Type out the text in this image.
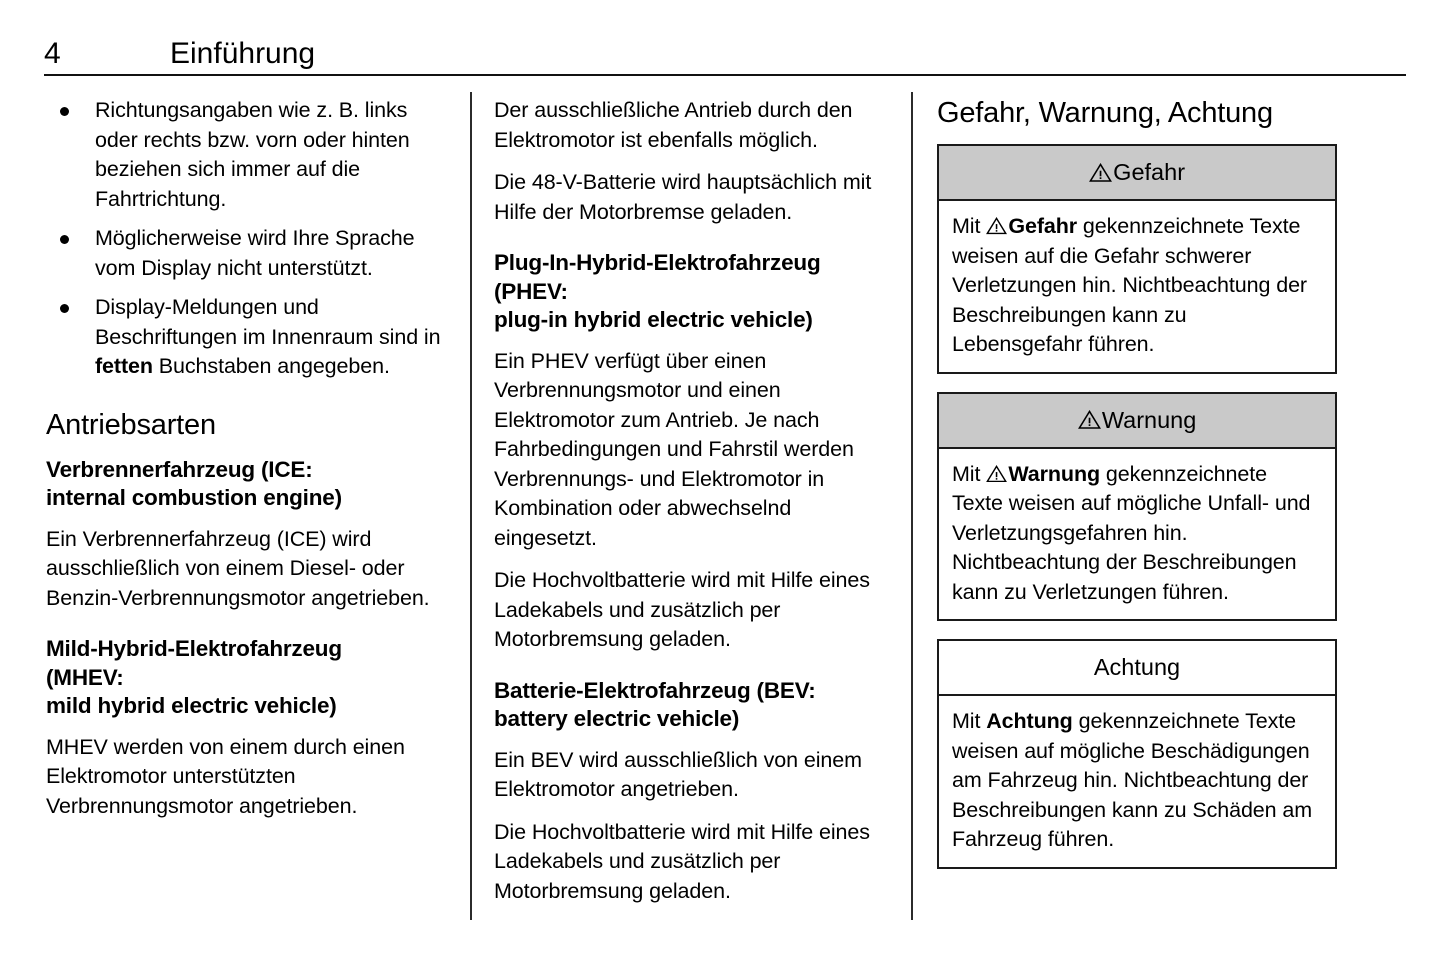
4	Einführung
Richtungsangaben wie z. B. links oder rechts bzw. vorn oder hinten beziehen sich immer auf die Fahrtrichtung.
Möglicherweise wird Ihre Sprache vom Display nicht unterstützt.
Display-Meldungen und Beschriftungen im Innenraum sind in fetten Buchstaben angegeben.
Antriebsarten
Verbrennerfahrzeug (ICE:
internal combustion engine)

Ein Verbrennerfahrzeug (ICE) wird ausschließlich von einem Diesel- oder Benzin-Verbrennungsmotor angetrieben.

Mild-Hybrid-Elektrofahrzeug
(MHEV:
mild hybrid electric vehicle)

MHEV werden von einem durch einen Elektromotor unterstützten Verbrennungsmotor angetrieben.

Der ausschließliche Antrieb durch den Elektromotor ist ebenfalls möglich.

Die 48-V-Batterie wird hauptsächlich mit Hilfe der Motorbremse geladen.

Plug-In-Hybrid-Elektrofahrzeug
(PHEV:
plug-in hybrid electric vehicle)

Ein PHEV verfügt über einen Verbrennungsmotor und einen Elektromotor zum Antrieb. Je nach Fahrbedingungen und Fahrstil werden Verbrennungs- und Elektromotor in Kombination oder abwechselnd eingesetzt.

Die Hochvoltbatterie wird mit Hilfe eines Ladekabels und zusätzlich per Motorbremsung geladen.

Batterie-Elektrofahrzeug (BEV:
battery electric vehicle)

Ein BEV wird ausschließlich von einem Elektromotor angetrieben.

Die Hochvoltbatterie wird mit Hilfe eines Ladekabels und zusätzlich per Motorbremsung geladen.

Gefahr, Warnung, Achtung
Gefahr
Mit
Gefahr gekennzeichnete Texte weisen auf die Gefahr schwerer Verletzungen hin. Nichtbeachtung der Beschreibungen kann zu Lebensgefahr führen.
Warnung
Mit
Warnung gekennzeichnete Texte weisen auf mögliche Unfall- und Verletzungsgefahren hin. Nichtbeachtung der Beschreibungen kann zu Verletzungen führen.
Achtung
Mit Achtung gekennzeichnete Texte weisen auf mögliche Beschädigungen am Fahrzeug hin. Nichtbeachtung der Beschreibungen kann zu Schäden am Fahrzeug führen.
